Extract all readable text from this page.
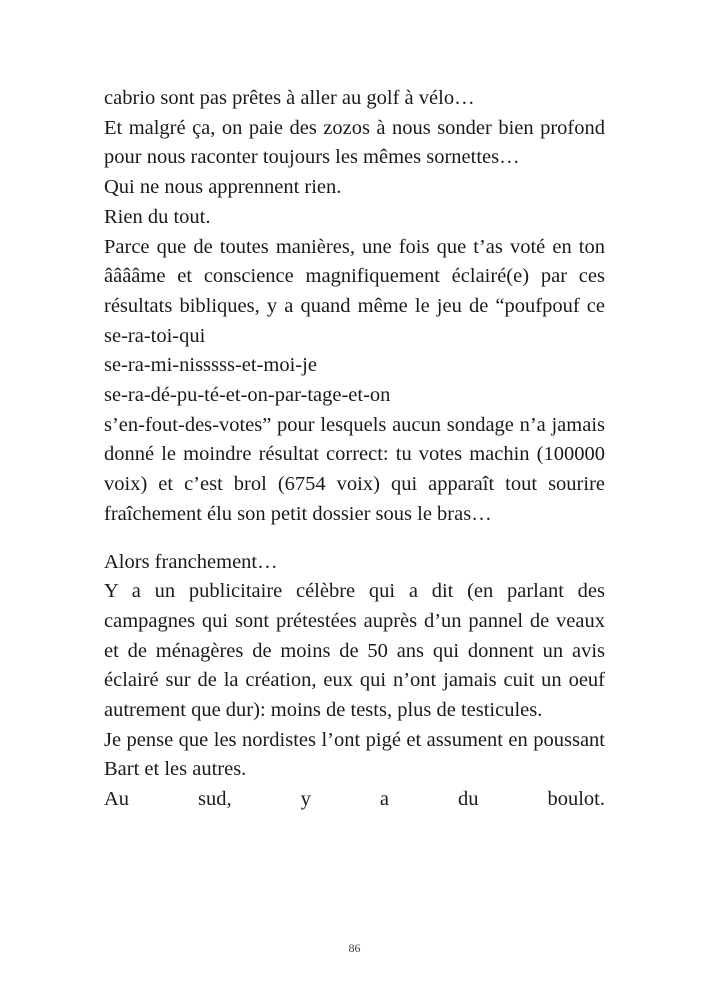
cabrio sont pas prêtes à aller au golf à vélo…

Et malgré ça, on paie des zozos à nous sonder bien profond pour nous raconter toujours les mêmes sornettes…

Qui ne nous apprennent rien.

Rien du tout.

Parce que de toutes manières, une fois que t’as voté en ton ââââme et conscience magnifiquement éclairé(e) par ces résultats bibliques, y a quand même le jeu de “poufpouf ce se-ra-toi-qui

se-ra-mi-nisssss-et-moi-je

se-ra-dé-pu-té-et-on-par-tage-et-on

s’en-fout-des-votes” pour lesquels aucun sondage n’a jamais donné le moindre résultat correct: tu votes machin (100000 voix) et c’est brol (6754 voix) qui apparaît tout sourire fraîchement élu son petit dossier sous le bras…

Alors franchement…

Y a un publicitaire célèbre qui a dit (en parlant des campagnes qui sont prétestées auprès d’un pannel de veaux et de ménagères de moins de 50 ans qui donnent un avis éclairé sur de la création, eux qui n’ont jamais cuit un oeuf autrement que dur): moins de tests, plus de testicules.

Je pense que les nordistes l’ont pigé et assument en poussant Bart et les autres.

Au sud, y a du boulot.

86
